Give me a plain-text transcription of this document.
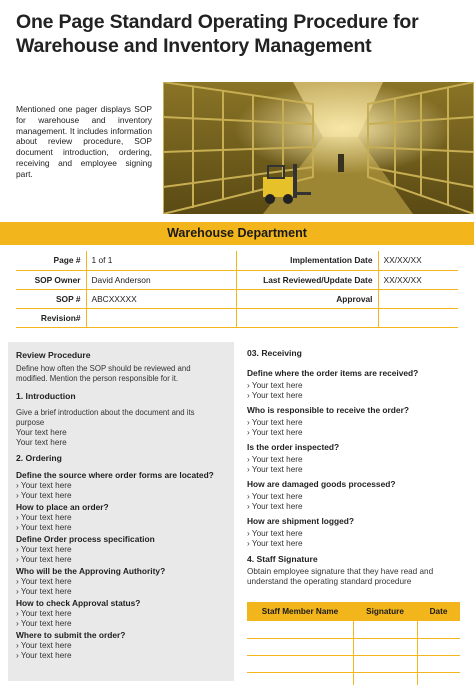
One Page Standard Operating Procedure for Warehouse and Inventory Management
Mentioned one pager displays SOP for warehouse and inventory management. It includes information about review procedure, SOP document introduction, ordering, receiving and employee signing part.
Warehouse Department
Page #	1 of 1	Implementation Date	XX/XX/XX
SOP Owner	David Anderson	Last Reviewed/Update Date	XX/XX/XX
SOP #	ABCXXXXX	Approval	
Revision#			
Review Procedure
Define how often the SOP should be reviewed and modified. Mention the person responsible for it.
1. Introduction
Give a brief introduction about the document and its purpose
Your text here
Your text here
2. Ordering
Define the source where order forms are located?
› Your text here
› Your text here
How to place an order?
› Your text here
› Your text here
Define Order process specification
› Your text here
› Your text here
Who will be the Approving Authority?
› Your text here
› Your text here
How to check Approval status?
› Your text here
› Your text here
Where to submit the order?
› Your text here
› Your text here
03. Receiving
Define where the order items are received?
› Your text here
› Your text here
Who is responsible to receive the order?
› Your text here
› Your text here
Is the order inspected?
› Your text here
› Your text here
How are damaged goods processed?
› Your text here
› Your text here
How are shipment logged?
› Your text here
› Your text here
4. Staff Signature
Obtain employee signature that they have read and understand the operating standard procedure
Staff Member Name	Signature	Date
